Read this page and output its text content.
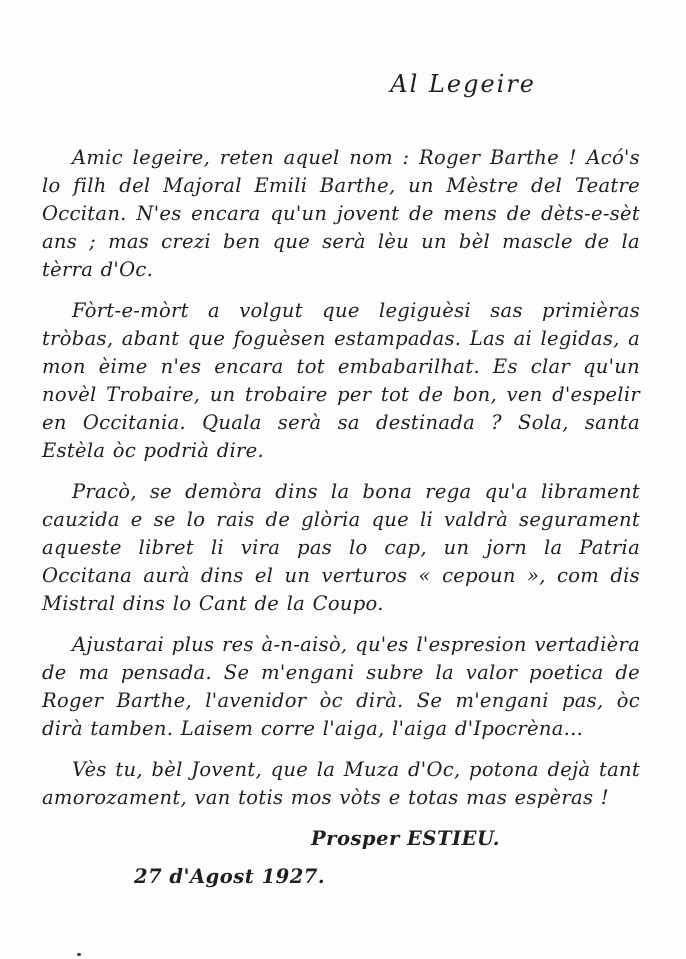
Al Legeire

Amic legeire, reten aquel nom : Roger Barthe ! Acó's lo filh del Majoral Emili Barthe, un Mèstre del Teatre Occitan. N'es encara qu'un jovent de mens de dèts-e-sèt ans ; mas crezi ben que serà lèu un bèl mascle de la tèrra d'Oc.

Fòrt-e-mòrt a volgut que legiguèsi sas primièras tròbas, abant que foguèsen estampadas. Las ai legidas, a mon èime n'es encara tot embabarilhat. Es clar qu'un novèl Trobaire, un trobaire per tot de bon, ven d'espelir en Occitania. Quala serà sa destinada ? Sola, santa Estèla òc podrià dire.

Pracò, se demòra dins la bona rega qu'a librament cauzida e se lo rais de glòria que li valdrà segurament aqueste libret li vira pas lo cap, un jorn la Patria Occitana aurà dins el un verturos « cepoun », com dis Mistral dins lo Cant de la Coupo.

Ajustarai plus res à-n-aisò, qu'es l'espresion vertadièra de ma pensada. Se m'engani subre la valor poetica de Roger Barthe, l'avenidor òc dirà. Se m'engani pas, òc dirà tamben. Laisem corre l'aiga, l'aiga d'Ipocrèna...

Vès tu, bèl Jovent, que la Muza d'Oc, potona dejà tant amorozament, van totis mos vòts e totas mas espèras !

Prosper ESTIEU.
27 d'Agost 1927.
